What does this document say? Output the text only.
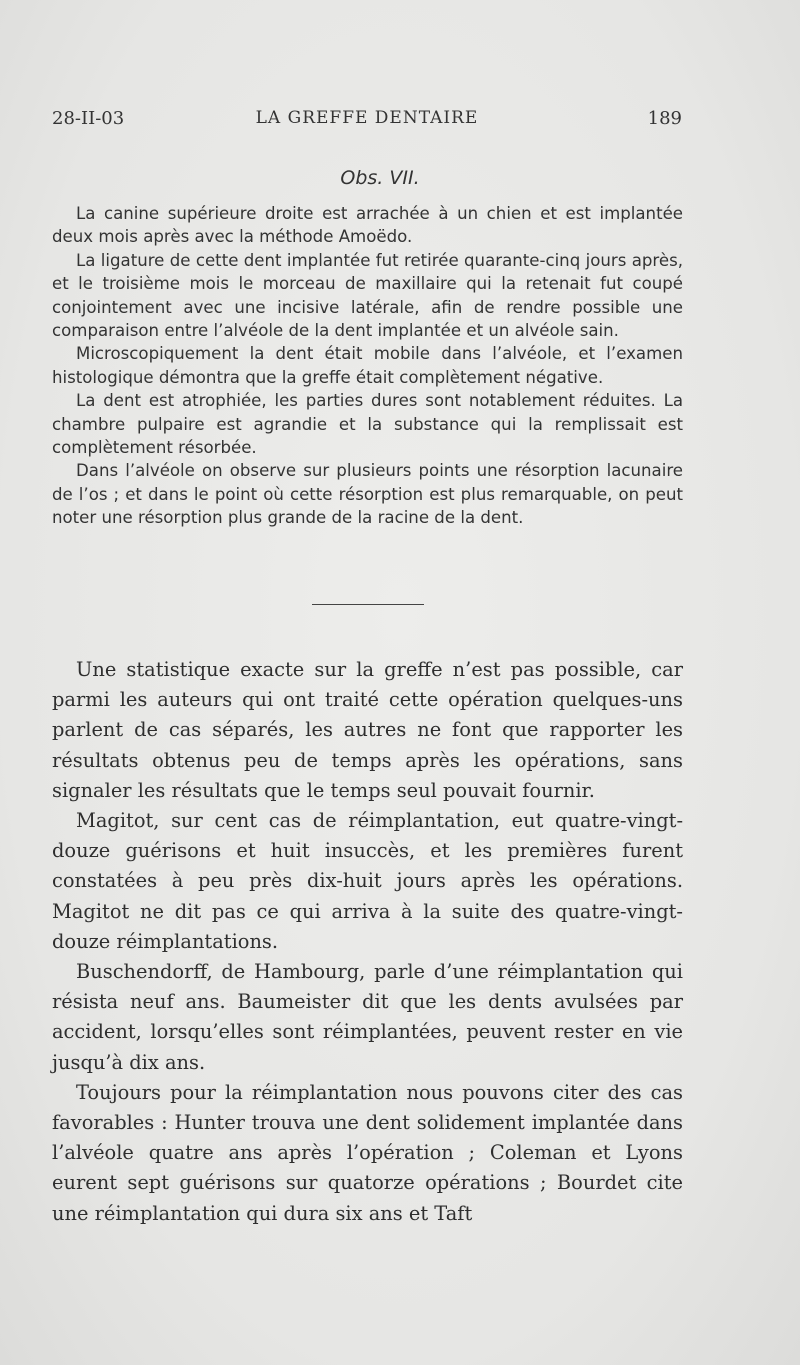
LA GREFFE DENTAIRE
28-II-03	189
Obs. VII.

La canine supérieure droite est arrachée à un chien et est implantée deux mois après avec la méthode Amoëdo.

La ligature de cette dent implantée fut retirée quarante-cinq jours après, et le troisième mois le morceau de maxillaire qui la retenait fut coupé conjointement avec une incisive latérale, afin de rendre possible une comparaison entre l’alvéole de la dent implantée et un alvéole sain.

Microscopiquement la dent était mobile dans l’alvéole, et l’examen histologique démontra que la greffe était complètement négative.

La dent est atrophiée, les parties dures sont notablement réduites. La chambre pulpaire est agrandie et la substance qui la remplissait est complètement résorbée.

Dans l’alvéole on observe sur plusieurs points une résorption lacunaire de l’os ; et dans le point où cette résorption est plus remarquable, on peut noter une résorption plus grande de la racine de la dent.

Une statistique exacte sur la greffe n’est pas possible, car parmi les auteurs qui ont traité cette opération quelques-uns parlent de cas séparés, les autres ne font que rapporter les résultats obtenus peu de temps après les opérations, sans signaler les résultats que le temps seul pouvait fournir.

Magitot, sur cent cas de réimplantation, eut quatre-vingt-douze guérisons et huit insuccès, et les premières furent constatées à peu près dix-huit jours après les opérations. Magitot ne dit pas ce qui arriva à la suite des quatre-vingt-douze réimplantations.

Buschendorff, de Hambourg, parle d’une réimplantation qui résista neuf ans. Baumeister dit que les dents avulsées par accident, lorsqu’elles sont réimplantées, peuvent rester en vie jusqu’à dix ans.

Toujours pour la réimplantation nous pouvons citer des cas favorables : Hunter trouva une dent solidement implantée dans l’alvéole quatre ans après l’opération ; Coleman et Lyons eurent sept guérisons sur quatorze opérations ; Bourdet cite une réimplantation qui dura six ans et Taft
